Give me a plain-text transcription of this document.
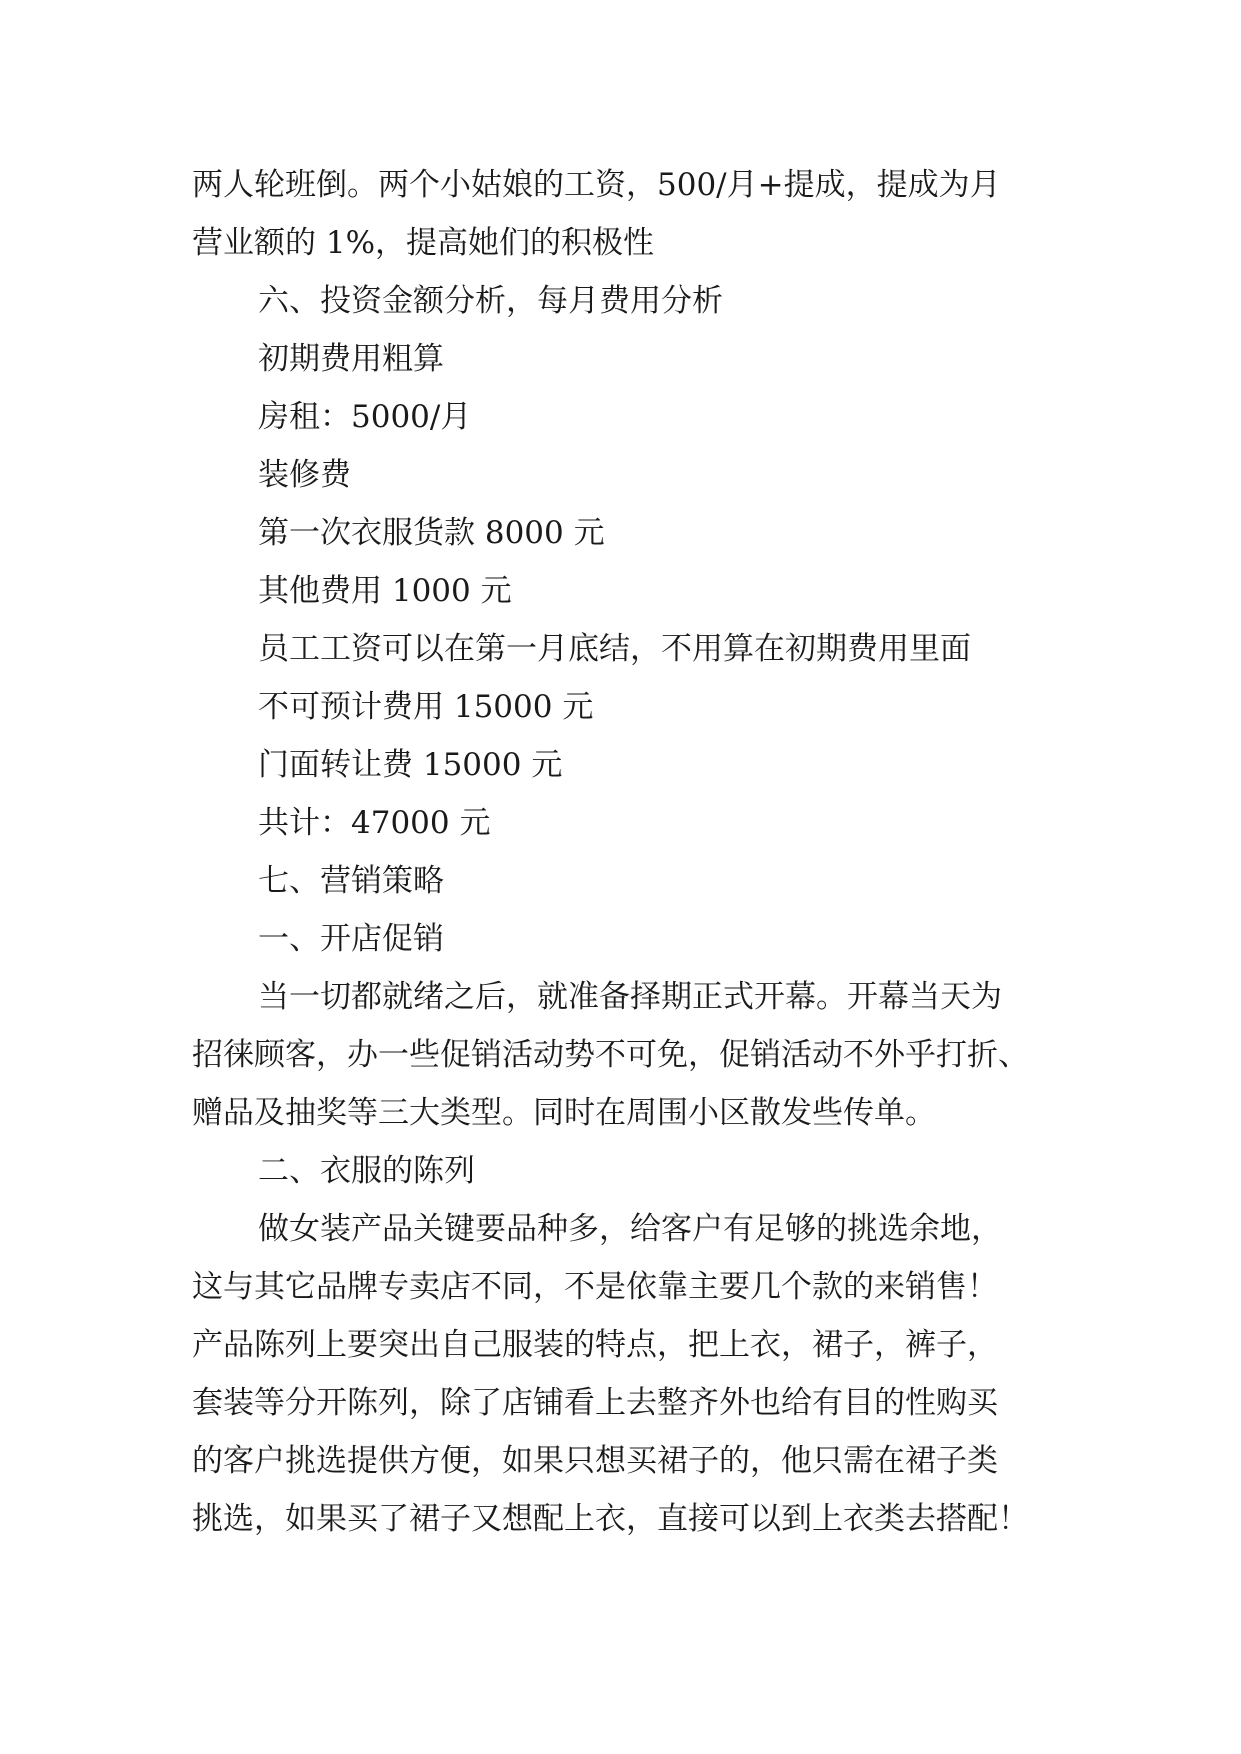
两人轮班倒。两个小姑娘的工资，500/月+提成，提成为月
营业额的 1%，提高她们的积极性
六、投资金额分析，每月费用分析
初期费用粗算
房租：5000/月
装修费
第一次衣服货款 8000 元
其他费用 1000 元
员工工资可以在第一月底结，不用算在初期费用里面
不可预计费用 15000 元
门面转让费 15000 元
共计：47000 元
七、营销策略
一、开店促销
当一切都就绪之后，就准备择期正式开幕。开幕当天为
招徕顾客，办一些促销活动势不可免，促销活动不外乎打折、
赠品及抽奖等三大类型。同时在周围小区散发些传单。
二、衣服的陈列
做女装产品关键要品种多，给客户有足够的挑选余地，
这与其它品牌专卖店不同，不是依靠主要几个款的来销售！
产品陈列上要突出自己服装的特点，把上衣，裙子，裤子，
套装等分开陈列，除了店铺看上去整齐外也给有目的性购买
的客户挑选提供方便，如果只想买裙子的，他只需在裙子类
挑选，如果买了裙子又想配上衣，直接可以到上衣类去搭配！
